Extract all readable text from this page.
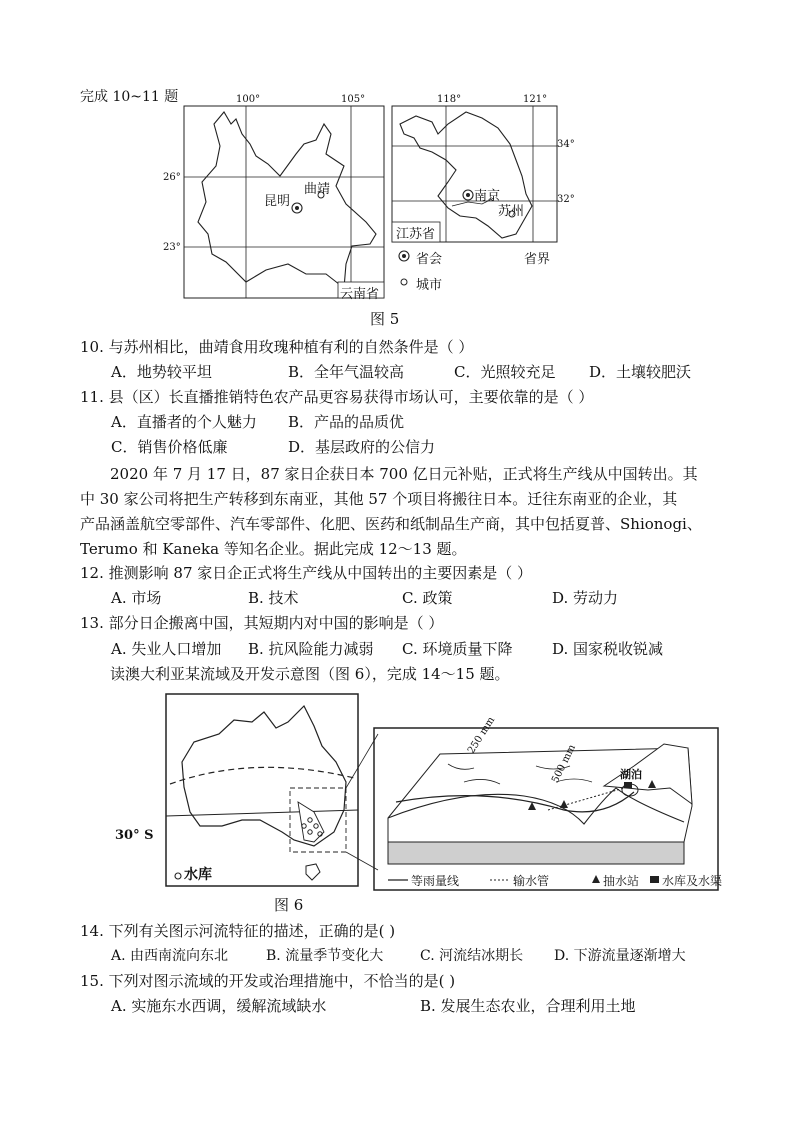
完成 10~11 题	100°	105°
26°
23°
昆明
曲靖
云南省
118°	121°
34°
32°
南京
苏州
江苏省
省会	省界
城市
图 5
10. 与苏州相比，曲靖食用玫瑰种植有利的自然条件是（ ）
A．地势较平坦	B．全年气温较高	C．光照较充足 D．土壤较肥沃
11. 县（区）长直播推销特色农产品更容易获得市场认可，主要依靠的是（ ）
A．直播者的个人魅力 B．产品的品质优
C．销售价格低廉	D．基层政府的公信力
2020 年 7 月 17 日，87 家日企获日本 700 亿日元补贴，正式将生产线从中国转出。其
中 30 家公司将把生产转移到东南亚，其他 57 个项目将搬往日本。迁往东南亚的企业，其
产品涵盖航空零部件、汽车零部件、化肥、医药和纸制品生产商，其中包括夏普、Shionogi、
Terumo 和 Kaneka 等知名企业。据此完成 12～13 题。
12. 推测影响 87 家日企正式将生产线从中国转出的主要因素是（ ）
A. 市场	B. 技术	C. 政策	D. 劳动力
13. 部分日企搬离中国，其短期内对中国的影响是（ ）
A. 失业人口增加 B. 抗风险能力减弱 C. 环境质量下降	D. 国家税收锐减
读澳大利亚某流域及开发示意图（图 6），完成 14～15 题。
30° S
水库
250 mm
500 mm	湖泊
等雨量线	输水管	抽水站 水库及水渠
图 6
14. 下列有关图示河流特征的描述，正确的是( )
A. 由西南流向东北	B. 流量季节变化大	C. 河流结冰期长 D. 下游流量逐渐增大
15. 下列对图示流域的开发或治理措施中，不恰当的是( )
A. 实施东水西调，缓解流域缺水	B. 发展生态农业，合理利用土地
